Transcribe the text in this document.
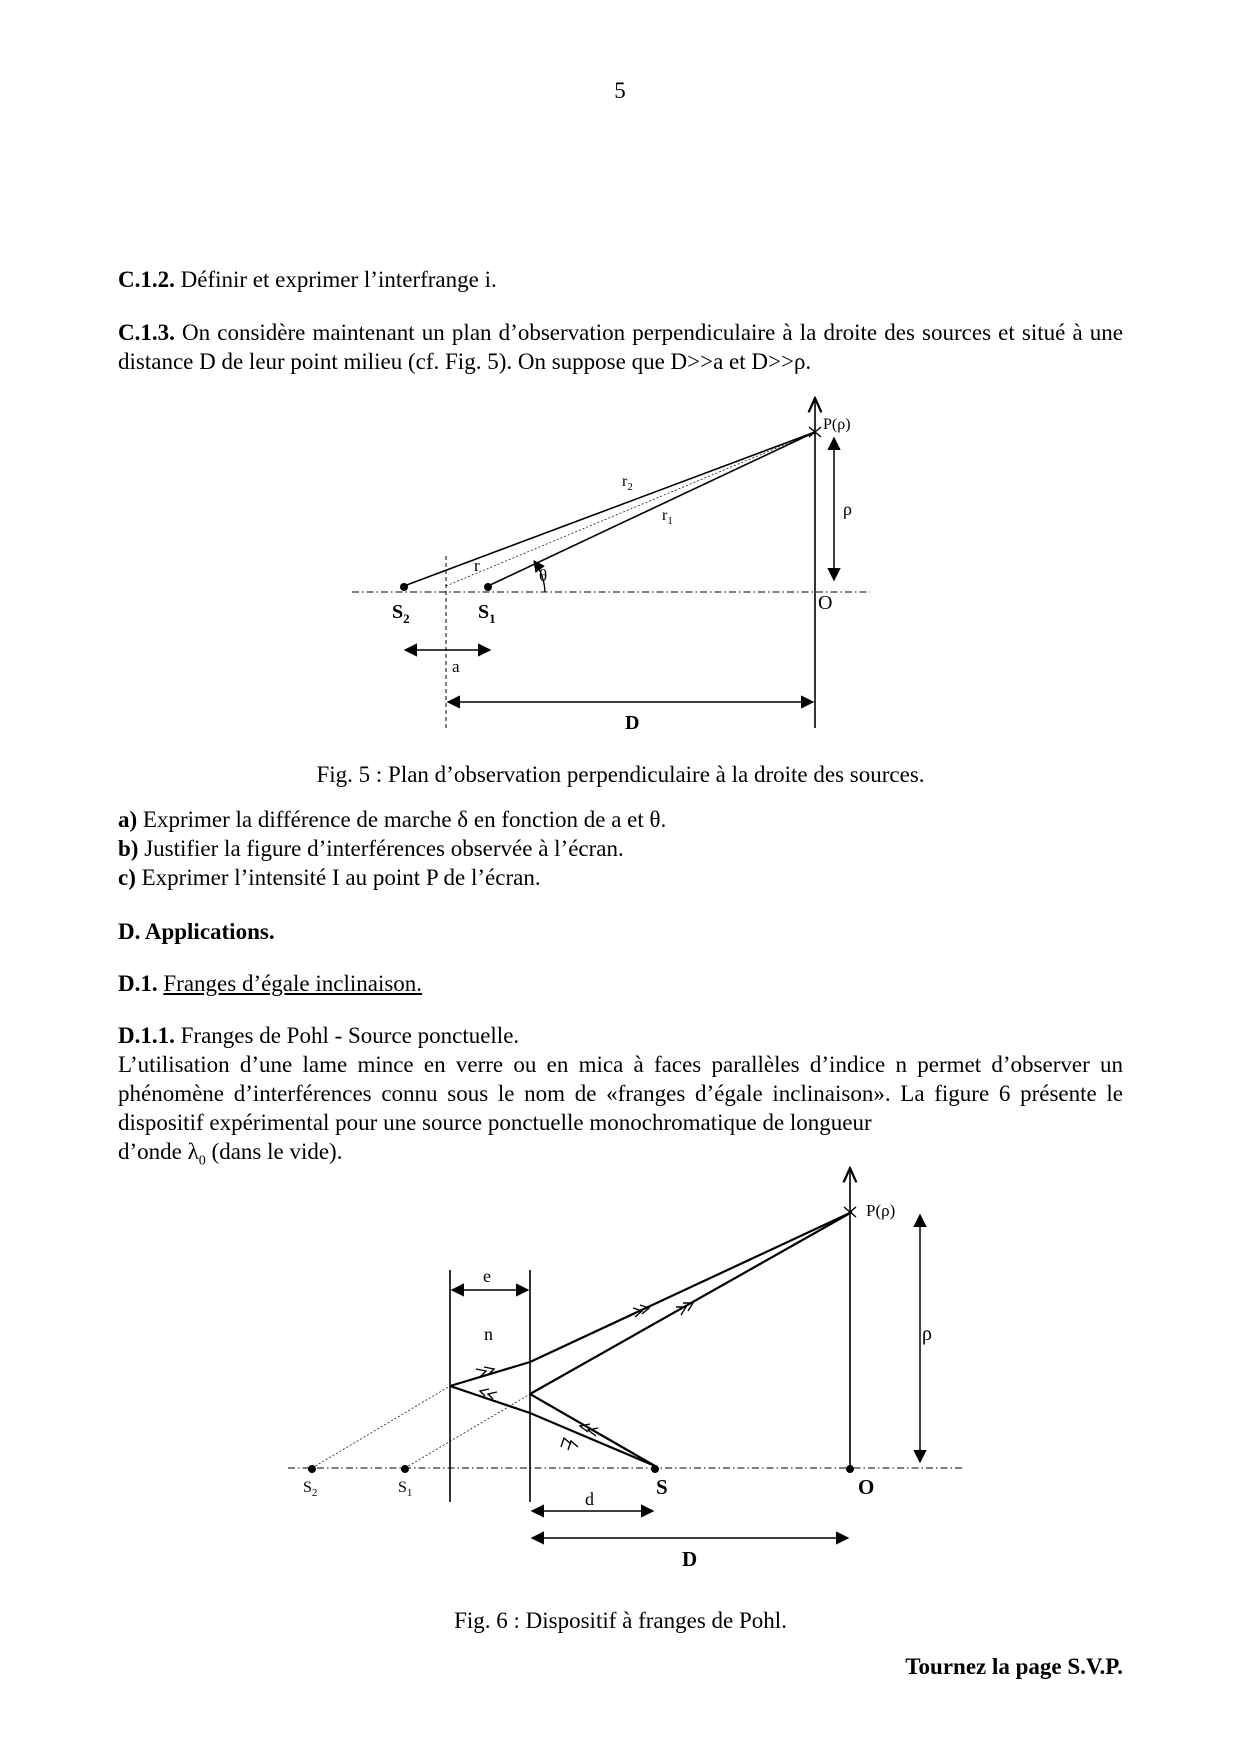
5
C.1.2. Définir et exprimer l’interfrange i.
C.1.3. On considère maintenant un plan d’observation perpendiculaire à la droite des sources et situé à une distance D de leur point milieu (cf. Fig. 5). On suppose que D>>a et D>>ρ.
P(ρ)
$r_2$
$r_1$
r
θ
ρ
O
$S_2$	$S_1$
a
D
Fig. 5 : Plan d’observation perpendiculaire à la droite des sources.
a) Exprimer la différence de marche δ en fonction de a et θ.
b) Justifier la figure d’interférences observée à l’écran.
c) Exprimer l’intensité I au point P de l’écran.
D. Applications.
D.1. Franges d’égale inclinaison.
D.1.1. Franges de Pohl - Source ponctuelle.
L’utilisation d’une lame mince en verre ou en mica à faces parallèles d’indice n permet d’observer un phénomène d’interférences connu sous le nom de «franges d’égale inclinaison». La figure 6 présente le dispositif expérimental pour une source ponctuelle monochromatique de longueur
d’onde $\lambda_0$ (dans le vide).
P(ρ)
e
n	ρ
$S_2$	$S_1$	S	O
d
D
Fig. 6 : Dispositif à franges de Pohl.
Tournez la page S.V.P.
